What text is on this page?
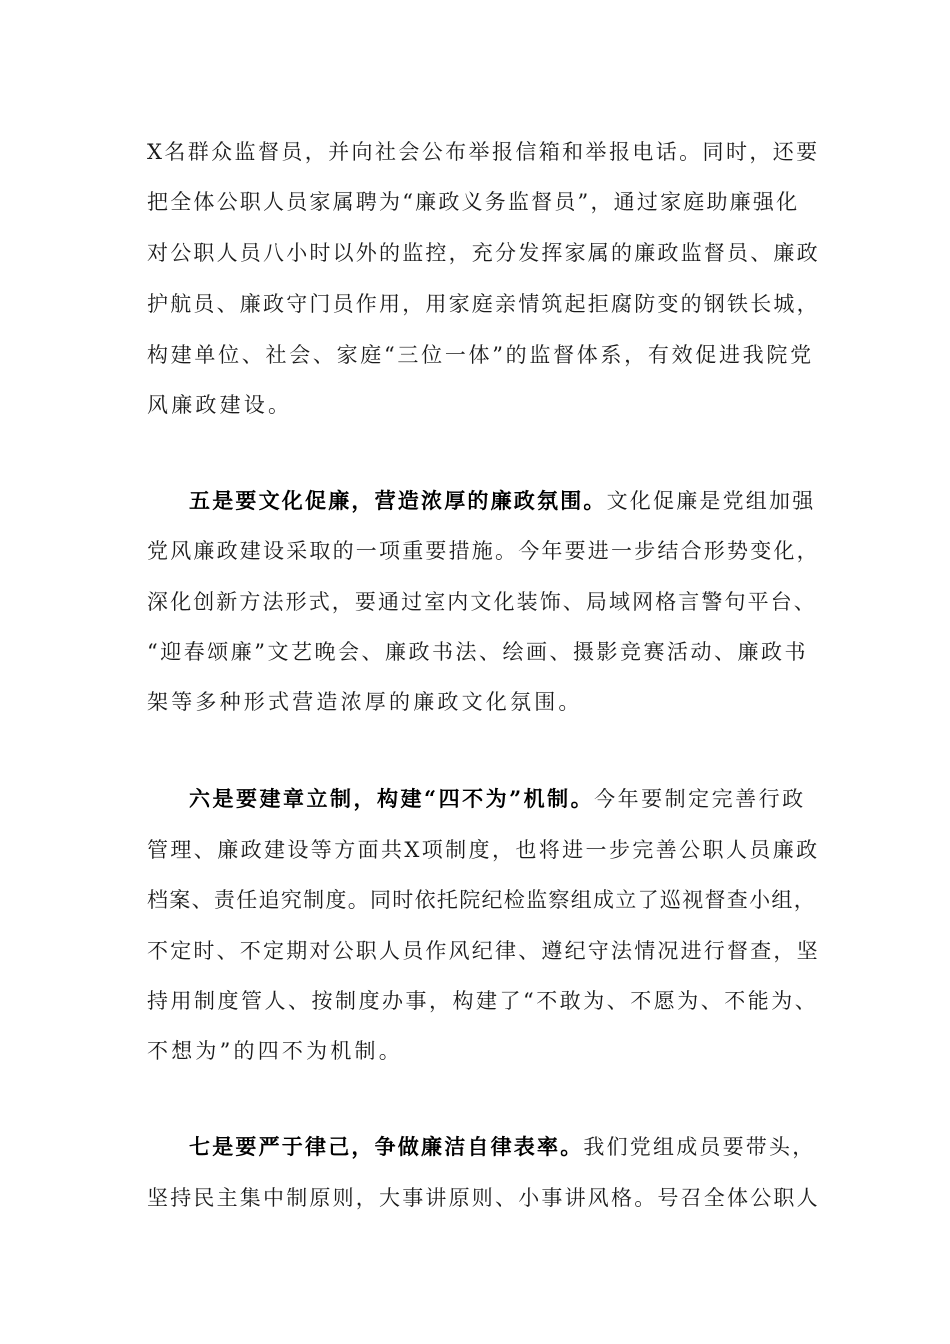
X名群众监督员，并向社会公布举报信箱和举报电话。同时，还要
把全体公职人员家属聘为“廉政义务监督员”，通过家庭助廉强化
对公职人员八小时以外的监控，充分发挥家属的廉政监督员、廉政
护航员、廉政守门员作用，用家庭亲情筑起拒腐防变的钢铁长城，
构建单位、社会、家庭“三位一体”的监督体系，有效促进我院党
风廉政建设。
五是要文化促廉，营造浓厚的廉政氛围。文化促廉是党组加强
党风廉政建设采取的一项重要措施。今年要进一步结合形势变化，
深化创新方法形式，要通过室内文化装饰、局域网格言警句平台、
“迎春颂廉”文艺晚会、廉政书法、绘画、摄影竞赛活动、廉政书
架等多种形式营造浓厚的廉政文化氛围。
六是要建章立制，构建“四不为”机制。今年要制定完善行政
管理、廉政建设等方面共X项制度，也将进一步完善公职人员廉政
档案、责任追究制度。同时依托院纪检监察组成立了巡视督查小组，
不定时、不定期对公职人员作风纪律、遵纪守法情况进行督查，坚
持用制度管人、按制度办事，构建了“不敢为、不愿为、不能为、
不想为”的四不为机制。
七是要严于律己，争做廉洁自律表率。我们党组成员要带头，
坚持民主集中制原则，大事讲原则、小事讲风格。号召全体公职人
